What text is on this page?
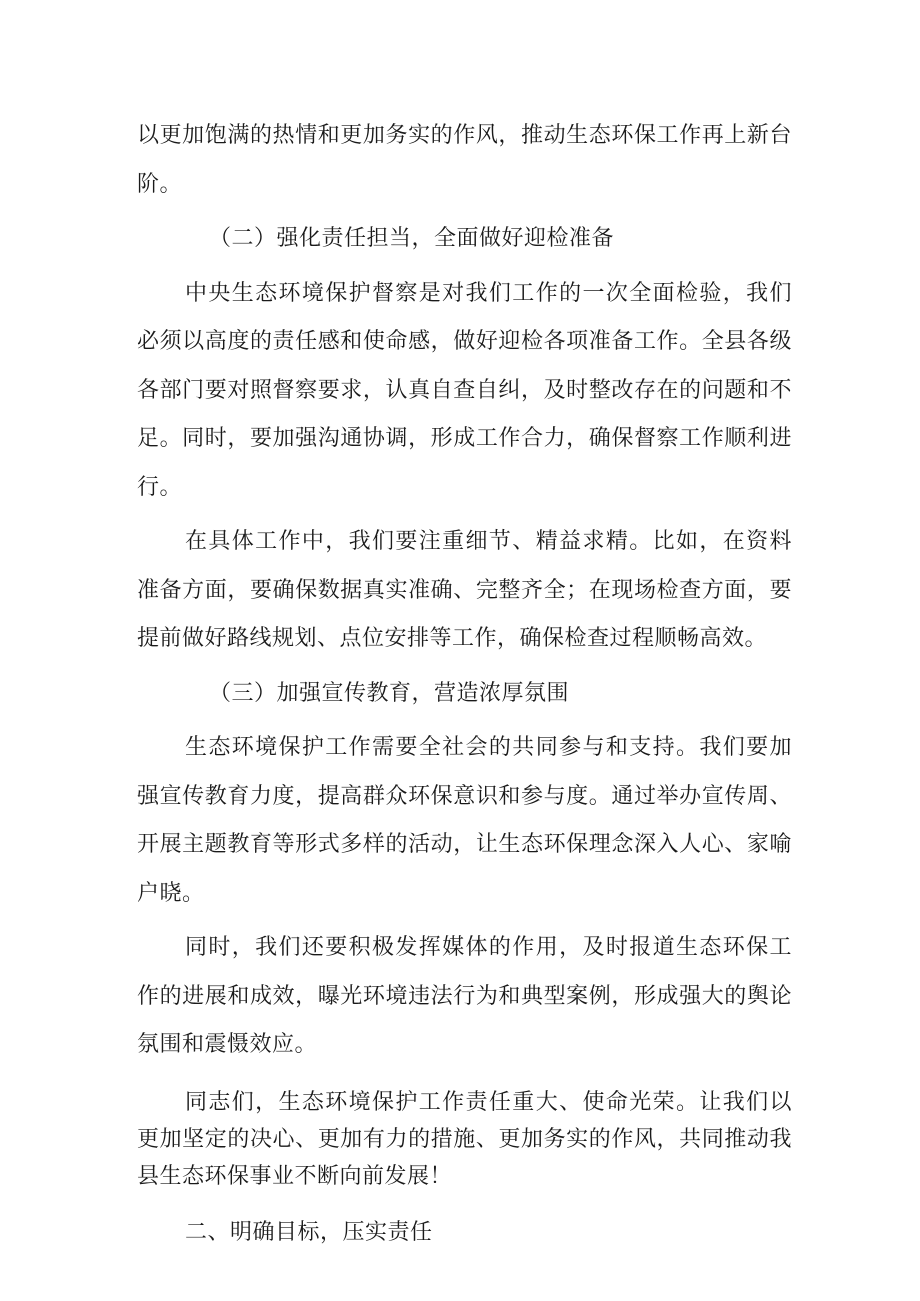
以更加饱满的热情和更加务实的作风，推动生态环保工作再上新台阶。

（二）强化责任担当，全面做好迎检准备

中央生态环境保护督察是对我们工作的一次全面检验，我们必须以高度的责任感和使命感，做好迎检各项准备工作。全县各级各部门要对照督察要求，认真自查自纠，及时整改存在的问题和不足。同时，要加强沟通协调，形成工作合力，确保督察工作顺利进行。

在具体工作中，我们要注重细节、精益求精。比如，在资料准备方面，要确保数据真实准确、完整齐全；在现场检查方面，要提前做好路线规划、点位安排等工作，确保检查过程顺畅高效。

（三）加强宣传教育，营造浓厚氛围

生态环境保护工作需要全社会的共同参与和支持。我们要加强宣传教育力度，提高群众环保意识和参与度。通过举办宣传周、开展主题教育等形式多样的活动，让生态环保理念深入人心、家喻户晓。

同时，我们还要积极发挥媒体的作用，及时报道生态环保工作的进展和成效，曝光环境违法行为和典型案例，形成强大的舆论氛围和震慑效应。

同志们，生态环境保护工作责任重大、使命光荣。让我们以更加坚定的决心、更加有力的措施、更加务实的作风，共同推动我县生态环保事业不断向前发展！

二、明确目标，压实责任
